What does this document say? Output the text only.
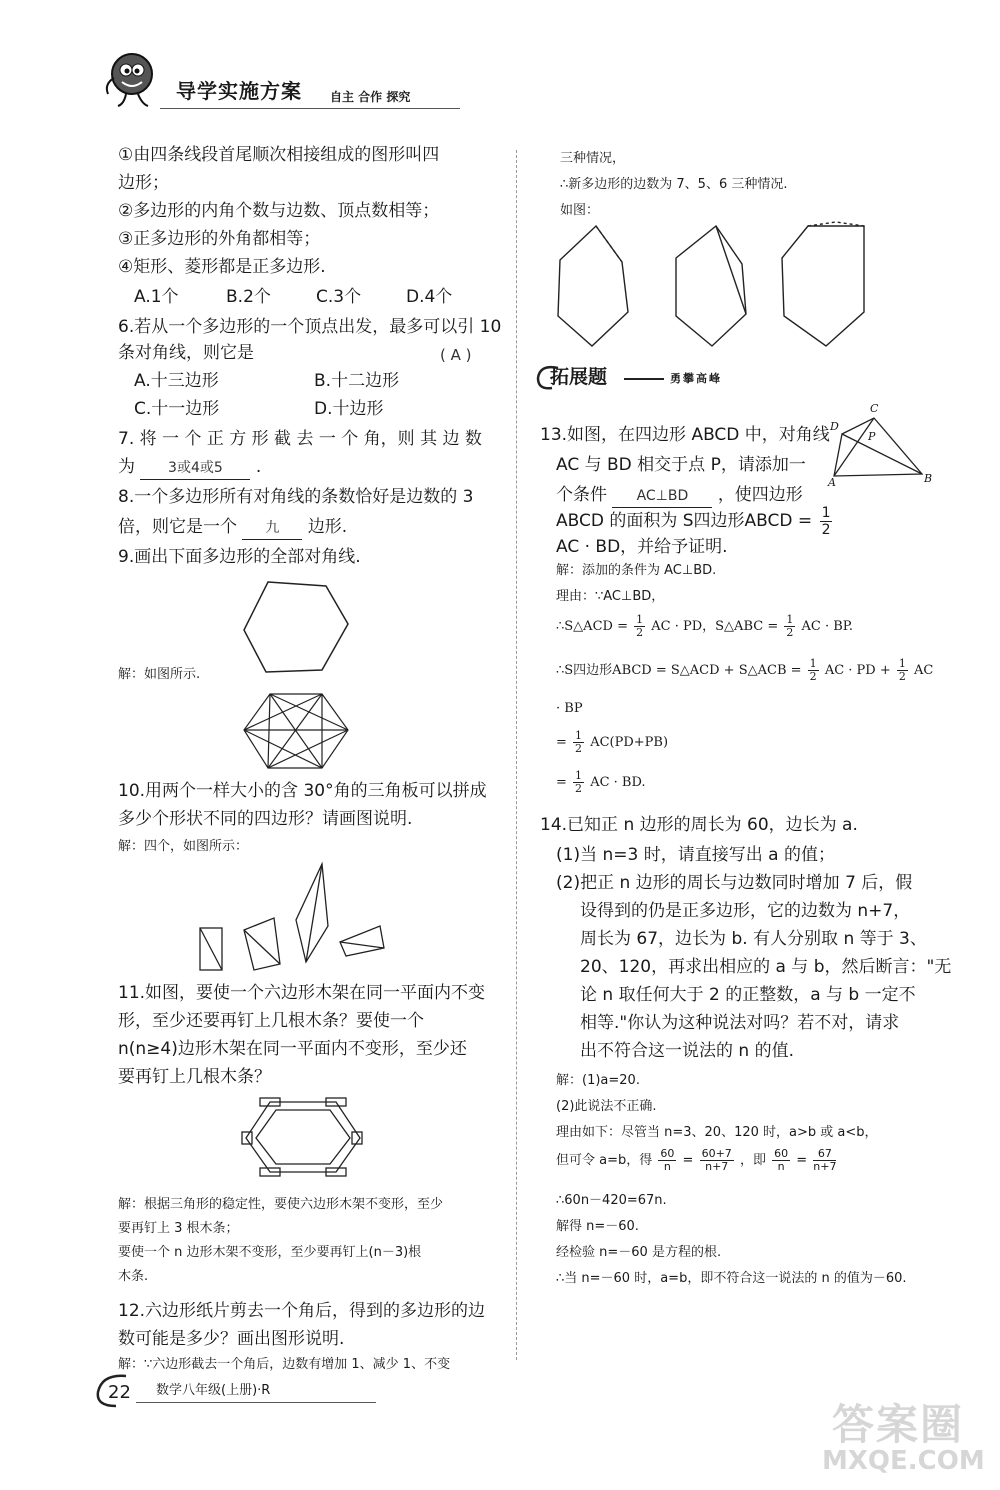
导学实施方案 自主 合作 探究
①由四条线段首尾顺次相接组成的图形叫四
边形；
②多边形的内角个数与边数、顶点数相等；
③正多边形的外角都相等；
④矩形、菱形都是正多边形.
A.1个	B.2个	C.3个	D.4个
6.若从一个多边形的一个顶点出发，最多可以引 10
条对角线，则它是	( A )
A.十三边形	B.十二边形
C.十一边形	D.十边形
7. 将 一 个 正 方 形 截 去 一 个 角，则 其 边 数
为 3或4或5 .
8.一个多边形所有对角线的条数恰好是边数的 3
倍，则它是一个 九 边形.
9.画出下面多边形的全部对角线.
解：如图所示.
10.用两个一样大小的含 30°角的三角板可以拼成
多少个形状不同的四边形？请画图说明.
解：四个，如图所示：
11.如图，要使一个六边形木架在同一平面内不变
形，至少还要再钉上几根木条？要使一个
n(n≥4)边形木架在同一平面内不变形，至少还
要再钉上几根木条？
解：根据三角形的稳定性，要使六边形木架不变形，至少
要再钉上 3 根木条；
要使一个 n 边形木架不变形，至少要再钉上(n－3)根
木条.
12.六边形纸片剪去一个角后，得到的多边形的边
数可能是多少？画出图形说明.
解：∵六边形截去一个角后，边数有增加 1、减少 1、不变
三种情况，
∴新多边形的边数为 7、5、6 三种情况.
如图：
拓展题	勇攀高峰
13.如图，在四边形 ABCD 中，对角线
AC 与 BD 相交于点 P，请添加一
个条件 AC⊥BD ，使四边形
ABCD 的面积为 S四边形ABCD = $\frac{1}{2}$
AC · BD，并给予证明.
D
C
P
A	B
解：添加的条件为 AC⊥BD.
理由：∵AC⊥BD，
∴S△ACD = $\frac{1}{2}$ AC · PD，S△ABC = $\frac{1}{2}$ AC · BP.
∴S四边形ABCD = S△ACD + S△ACB = $\frac{1}{2}$ AC · PD + $\frac{1}{2}$ AC
· BP
= $\frac{1}{2} AC(PD+PB)$
= $\frac{1}{2}$ AC · BD.
14.已知正 n 边形的周长为 60，边长为 a.
(1)当 n=3 时，请直接写出 a 的值；
(2)把正 n 边形的周长与边数同时增加 7 后，假
设得到的仍是正多边形，它的边数为 n+7，
周长为 67，边长为 b. 有人分别取 n 等于 3、
20、120，再求出相应的 a 与 b，然后断言："无
论 n 取任何大于 2 的正整数，a 与 b 一定不
相等."你认为这种说法对吗？若不对，请求
出不符合这一说法的 n 的值.
解：(1)a=20.
(2)此说法不正确.
理由如下：尽管当 n=3、20、120 时，a>b 或 a<b，
但可令 a=b，得 $\frac{60}{n} = \frac{60+7}{n+7}$ ，即 $\frac{60}{n} = \frac{67}{n+7}$
∴60n－420=67n.
解得 n=－60.
经检验 n=－60 是方程的根.
∴当 n=－60 时，a=b，即不符合这一说法的 n 的值为－60.
22 数学八年级(上册)·R
答案圈
MXQE.COM
